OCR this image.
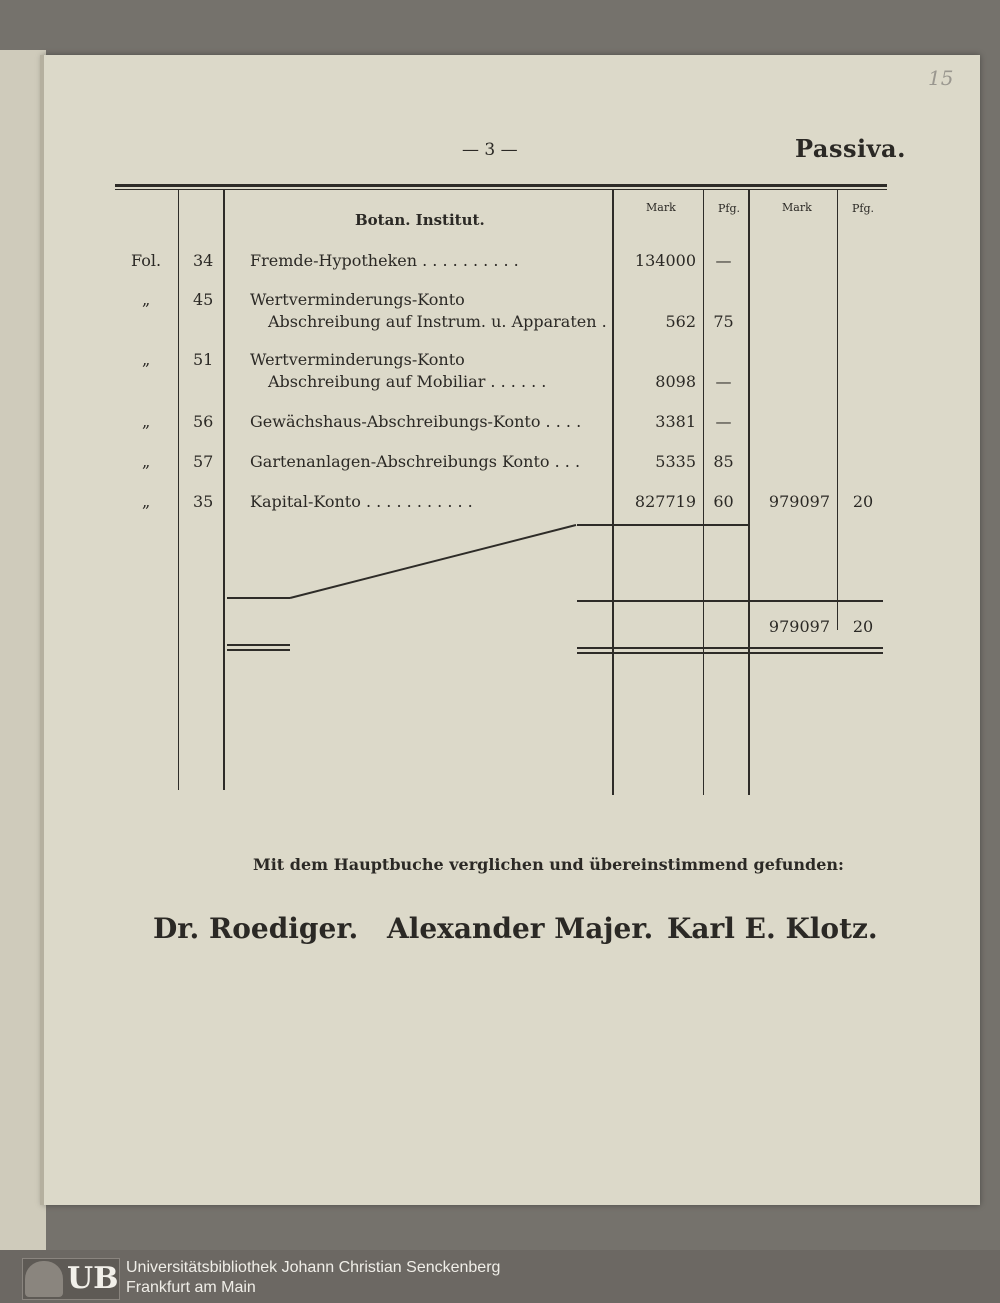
15
— 3 —	Passiva.
Botan. Institut.
Mark	Pfg.	Mark	Pfg.
Fol. 34 Fremde-Hypotheken . . . . . . . . . .	134000	—
„	45 Wertverminderungs-Konto
Abschreibung auf Instrum. u. Apparaten .	562	75
„	51 Wertverminderungs-Konto
Abschreibung auf Mobiliar . . . . . .	8098	—
„	56 Gewächshaus-Abschreibungs-Konto . . . .	3381	—
„	57 Gartenanlagen-Abschreibungs Konto . . .	5335	85
„	35 Kapital-Konto . . . . . . . . . . .	827719	60	979097	20
979097	20
Mit dem Hauptbuche verglichen und übereinstimmend gefunden:
Dr. Roediger. Alexander Majer. Karl E. Klotz.
UB Universitätsbibliothek Johann Christian Senckenberg
Frankfurt am Main
